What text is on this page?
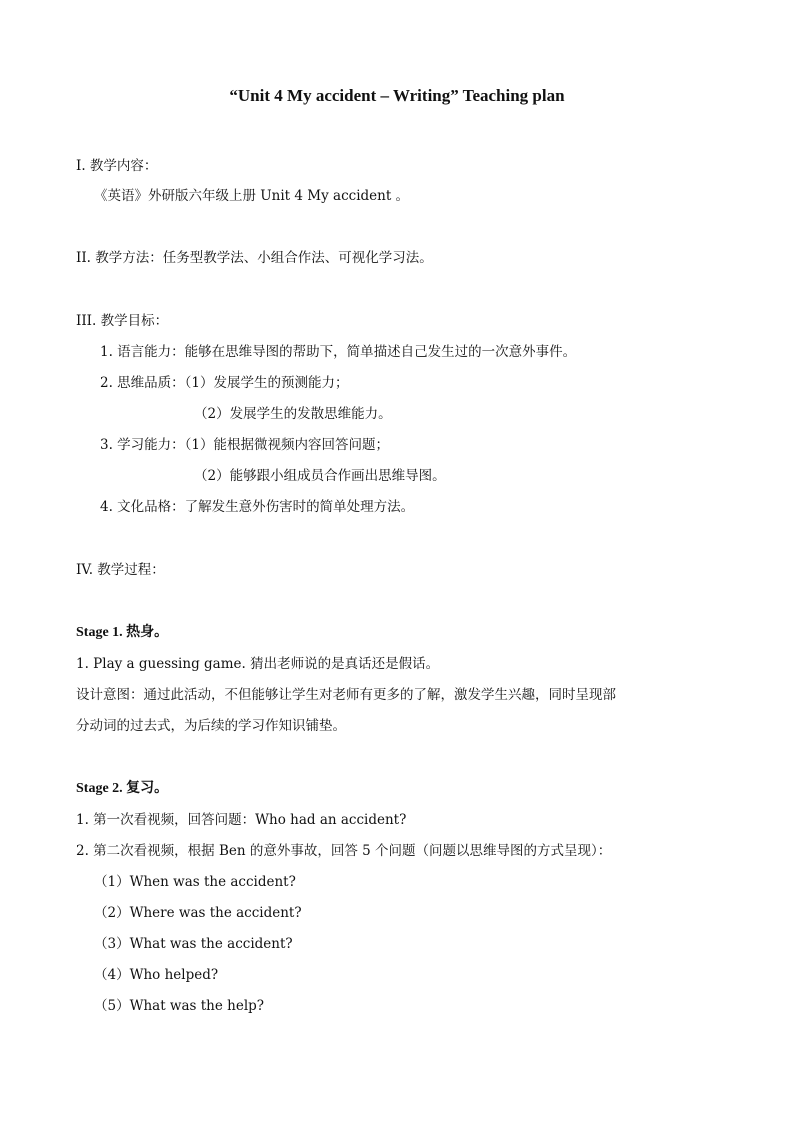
“Unit 4 My accident – Writing” Teaching plan
I. 教学内容：
《英语》外研版六年级上册 Unit 4 My accident 。
II. 教学方法：任务型教学法、小组合作法、可视化学习法。
III. 教学目标：
1. 语言能力：能够在思维导图的帮助下，简单描述自己发生过的一次意外事件。
2. 思维品质：（1）发展学生的预测能力；
（2）发展学生的发散思维能力。
3. 学习能力：（1）能根据微视频内容回答问题；
（2）能够跟小组成员合作画出思维导图。
4. 文化品格：了解发生意外伤害时的简单处理方法。
IV. 教学过程：
Stage 1. 热身。
1. Play a guessing game. 猜出老师说的是真话还是假话。
设计意图：通过此活动，不但能够让学生对老师有更多的了解，激发学生兴趣，同时呈现部
分动词的过去式，为后续的学习作知识铺垫。
Stage 2. 复习。
1. 第一次看视频，回答问题：Who had an accident?
2. 第二次看视频，根据 Ben 的意外事故，回答 5 个问题（问题以思维导图的方式呈现）：
（1）When was the accident?
（2）Where was the accident?
（3）What was the accident?
（4）Who helped?
（5）What was the help?
